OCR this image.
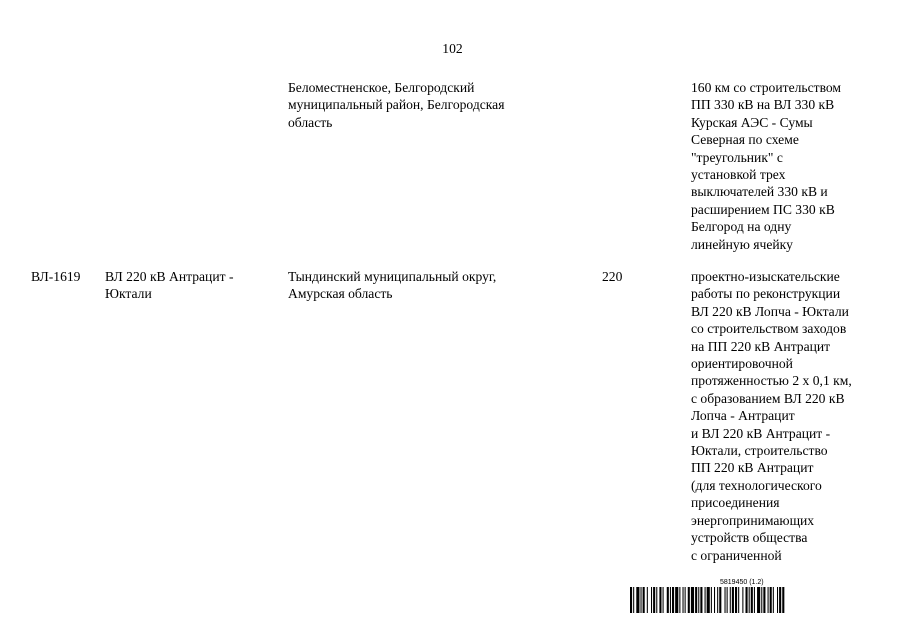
102
Беломестненское, Белгородский
муниципальный район, Белгородская
область
160 км со строительством
ПП 330 кВ на ВЛ 330 кВ
Курская АЭС - Сумы
Северная по схеме
"треугольник" с
установкой трех
выключателей 330 кВ и
расширением ПС 330 кВ
Белгород на одну
линейную ячейку
ВЛ-1619 ВЛ 220 кВ Антрацит -
Юктали
Тындинский муниципальный округ,
Амурская область
220	проектно-изыскательские
работы по реконструкции
ВЛ 220 кВ Лопча - Юктали
со строительством заходов
на ПП 220 кВ Антрацит
ориентировочной
протяженностью 2 х 0,1 км,
с образованием ВЛ 220 кВ
Лопча - Антрацит
и ВЛ 220 кВ Антрацит -
Юктали, строительство
ПП 220 кВ Антрацит
(для технологического
присоединения
энергопринимающих
устройств общества
с ограниченной
5819450 (1.2)
